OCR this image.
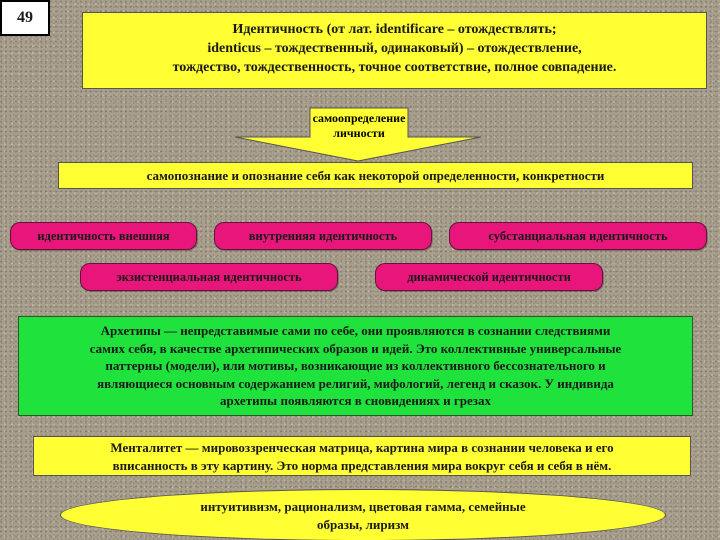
49
Идентичность (от лат. identificare – отождествлять;
identicus – тождественный, одинаковый) – отождествление,
тождество, тождественность, точное соответствие, полное совпадение.
самоопределение
личности
самопознание и опознание себя как некоторой определенности, конкретности
идентичность внешняя	внутренняя идентичность	субстанциальная идентичность
экзистенциальная идентичность	динамической идентичности
Архетипы — непредставимые сами по себе, они проявляются в сознании следствиями
самих себя, в качестве архетипических образов и идей. Это коллективные универсальные
паттерны (модели), или мотивы, возникающие из коллективного бессознательного и
являющиеся основным содержанием религий, мифологий, легенд и сказок. У индивида
архетипы появляются в сновидениях и грезах
Менталитет — мировоззренческая матрица, картина мира в сознании человека и его
вписанность в эту картину. Это норма представления мира вокруг себя и себя в нём.
интуитивизм, рационализм, цветовая гамма, семейные
образы, лиризм
